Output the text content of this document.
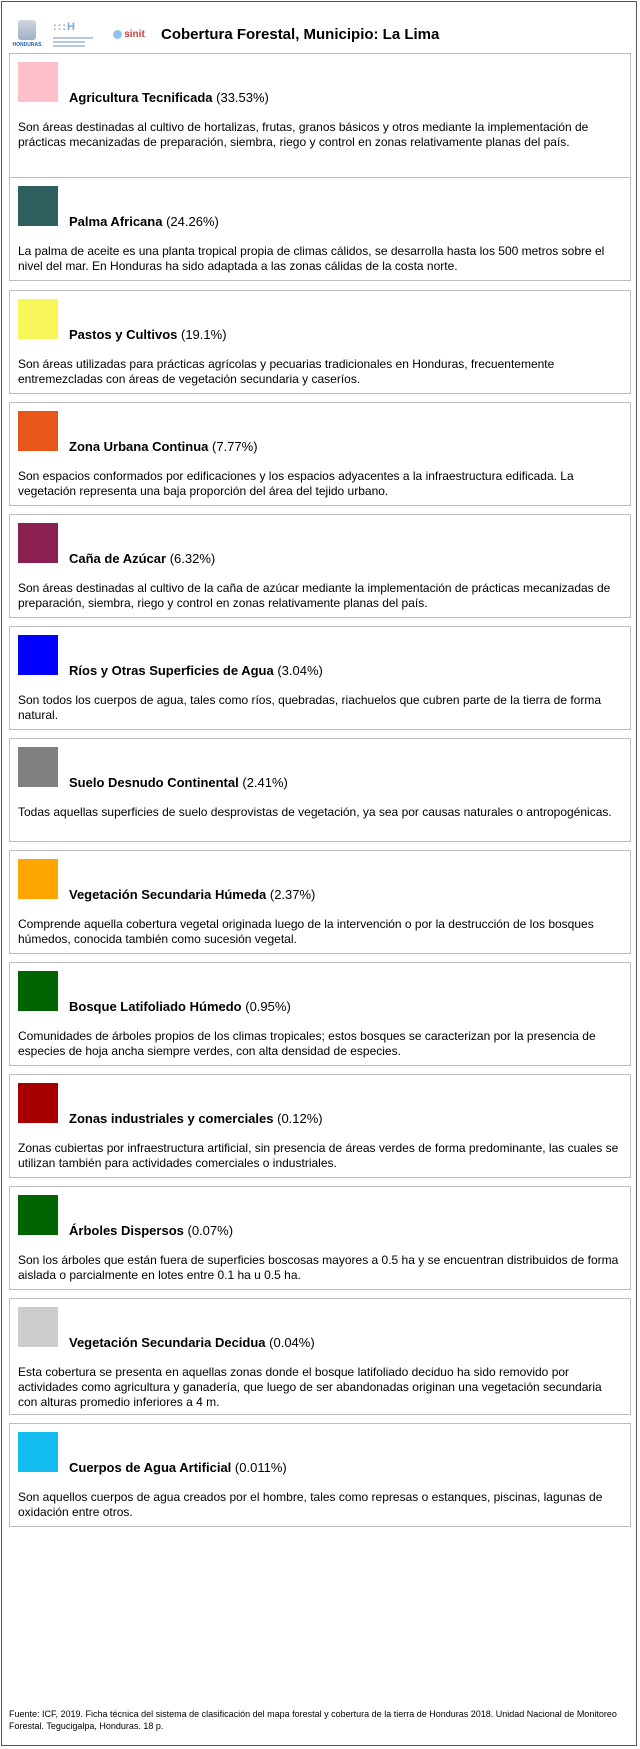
HONDURAS
:::H
sinit Cobertura Forestal, Municipio: La Lima
Agricultura Tecnificada (33.53%)
Son áreas destinadas al cultivo de hortalizas, frutas, granos básicos y otros mediante la implementación de prácticas mecanizadas de preparación, siembra, riego y control en zonas relativamente planas del país.
Palma Africana (24.26%)
La palma de aceite es una planta tropical propia de climas cálidos, se desarrolla hasta los 500 metros sobre el nivel del mar. En Honduras ha sido adaptada a las zonas cálidas de la costa norte.
Pastos y Cultivos (19.1%)
Son áreas utilizadas para prácticas agrícolas y pecuarias tradicionales en Honduras, frecuentemente entremezcladas con áreas de vegetación secundaria y caseríos.
Zona Urbana Continua (7.77%)
Son espacios conformados por edificaciones y los espacios adyacentes a la infraestructura edificada. La vegetación representa una baja proporción del área del tejido urbano.
Caña de Azúcar (6.32%)
Son áreas destinadas al cultivo de la caña de azúcar mediante la implementación de prácticas mecanizadas de preparación, siembra, riego y control en zonas relativamente planas del país.
Ríos y Otras Superficies de Agua (3.04%)
Son todos los cuerpos de agua, tales como ríos, quebradas, riachuelos que cubren parte de la tierra de forma natural.
Suelo Desnudo Continental (2.41%)
Todas aquellas superficies de suelo desprovistas de vegetación, ya sea por causas naturales o antropogénicas.
Vegetación Secundaria Húmeda (2.37%)
Comprende aquella cobertura vegetal originada luego de la intervención o por la destrucción de los bosques húmedos, conocida también como sucesión vegetal.
Bosque Latifoliado Húmedo (0.95%)
Comunidades de árboles propios de los climas tropicales; estos bosques se caracterizan por la presencia de especies de hoja ancha siempre verdes, con alta densidad de especies.
Zonas industriales y comerciales (0.12%)
Zonas cubiertas por infraestructura artificial, sin presencia de áreas verdes de forma predominante, las cuales se utilizan también para actividades comerciales o industriales.
Árboles Dispersos (0.07%)
Son los árboles que están fuera de superficies boscosas mayores a 0.5 ha y se encuentran distribuidos de forma aislada o parcialmente en lotes entre 0.1 ha u 0.5 ha.
Vegetación Secundaria Decidua (0.04%)
Esta cobertura se presenta en aquellas zonas donde el bosque latifoliado deciduo ha sido removido por actividades como agricultura y ganadería, que luego de ser abandonadas originan una vegetación secundaria con alturas promedio inferiores a 4 m.
Cuerpos de Agua Artificial (0.011%)
Son aquellos cuerpos de agua creados por el hombre, tales como represas o estanques, piscinas, lagunas de oxidación entre otros.
Fuente: ICF, 2019. Ficha técnica del sistema de clasificación del mapa forestal y cobertura de la tierra de Honduras 2018. Unidad Nacional de Monitoreo Forestal. Tegucigalpa, Honduras. 18 p.
